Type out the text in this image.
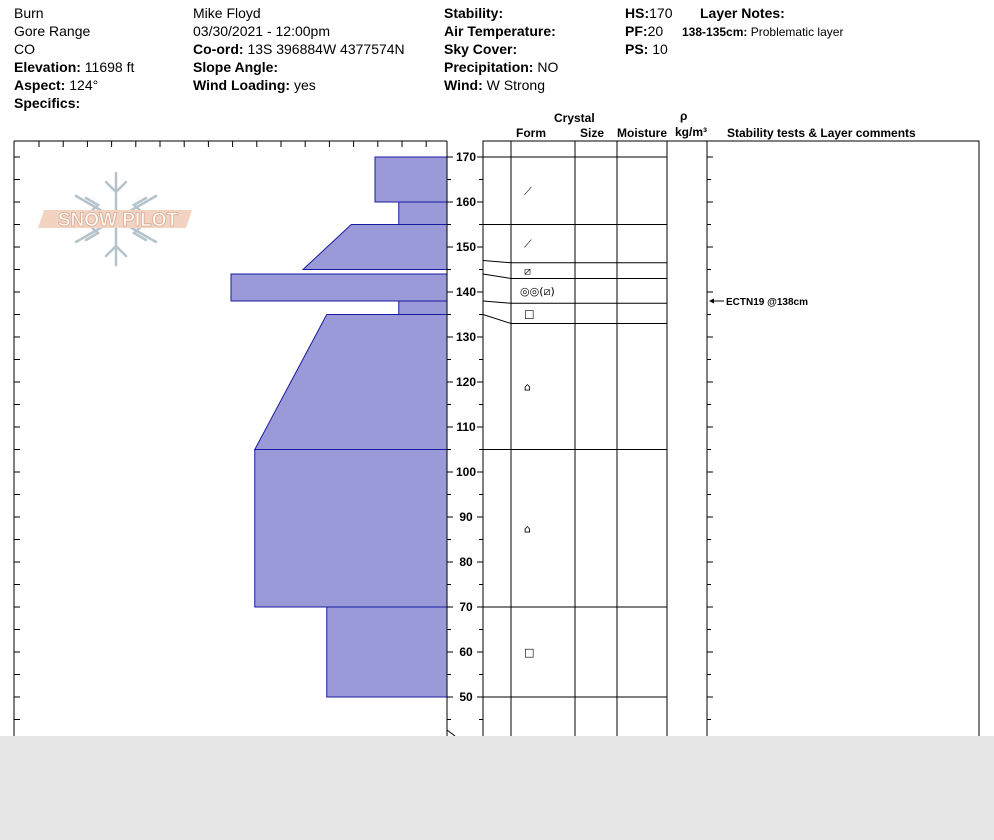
Burn
Gore Range
CO
Elevation: 11698 ft
Aspect: 124°
Specifics:
Mike Floyd
03/30/2021 - 12:00pm
Co-ord: 13S 396884W 4377574N
Slope Angle:
Wind Loading: yes
Stability:
Air Temperature:
Sky Cover:
Precipitation: NO
Wind: W Strong
HS:170
PF:20
PS: 10
Layer Notes:
138-135cm: Problematic layer
Crystal
Form	Size Moisture
ρ
kg/m³ Stability tests & Layer comments
50
60
70
80
90
100
110
120
130
140
150
160
170
⟋
⟋
⧄
◎◎(⧄)
□
⌂
⌂
□
SNOW PILOT
ECTN19 @138cm
